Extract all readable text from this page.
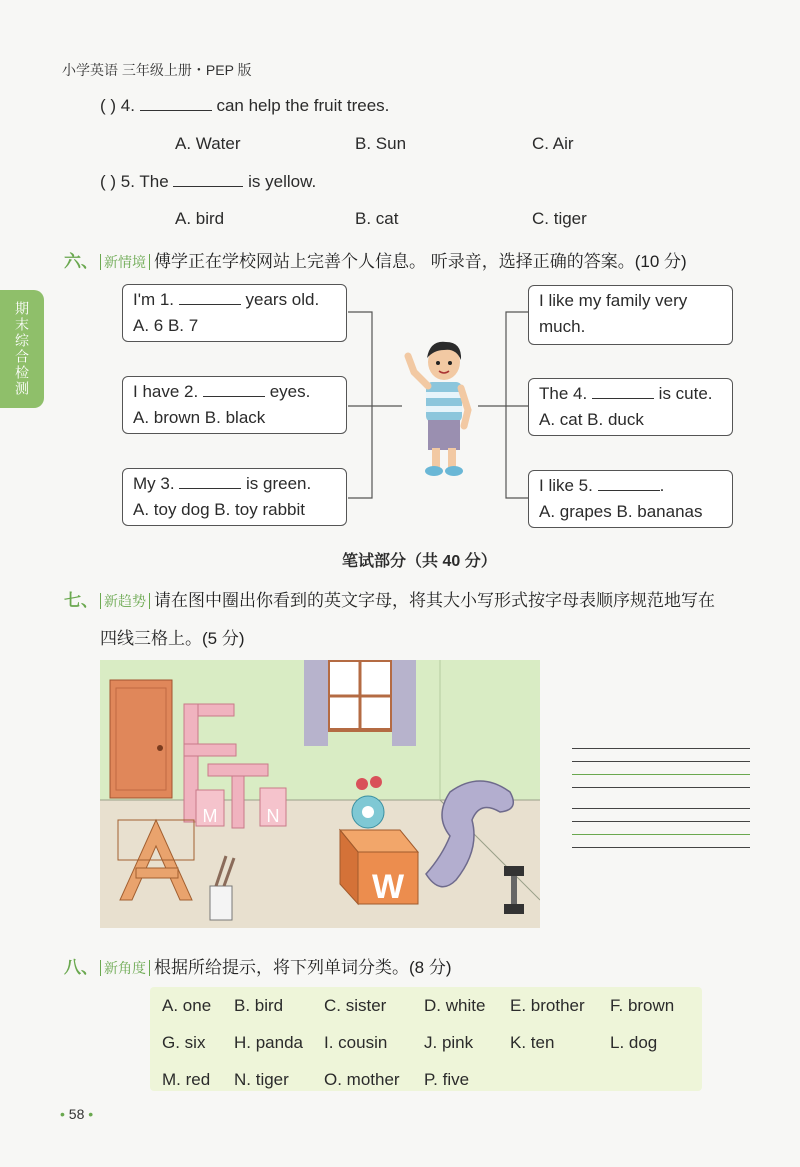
小学英语 三年级上册・PEP 版
期末综合检测
( ) 4.	can help the fruit trees.
A. Water	B. Sun	C. Air
( ) 5. The	is yellow.
A. bird	B. cat	C. tiger
六、 新情境 傅学正在学校网站上完善个人信息。 听录音，选择正确的答案。(10 分)
I'm 1.	years old.
A. 6 B. 7
I have 2.	eyes.
A. brown B. black
My 3.	is green.
A. toy dog B. toy rabbit
I like my family very
much.
The 4.	is cute.
A. cat B. duck
I like 5.	.
A. grapes B. bananas
笔试部分（共 40 分）
七、 新趋势 请在图中圈出你看到的英文字母，将其大小写形式按字母表顺序规范地写在
四线三格上。(5 分)
M	N
W
八、 新角度 根据所给提示，将下列单词分类。(8 分)
A. one B. bird C. sister D. white E. brother F. brown
G. six H. panda I. cousin J. pink K. ten	L. dog
M. red N. tiger O. mother P. five
• 58 •
